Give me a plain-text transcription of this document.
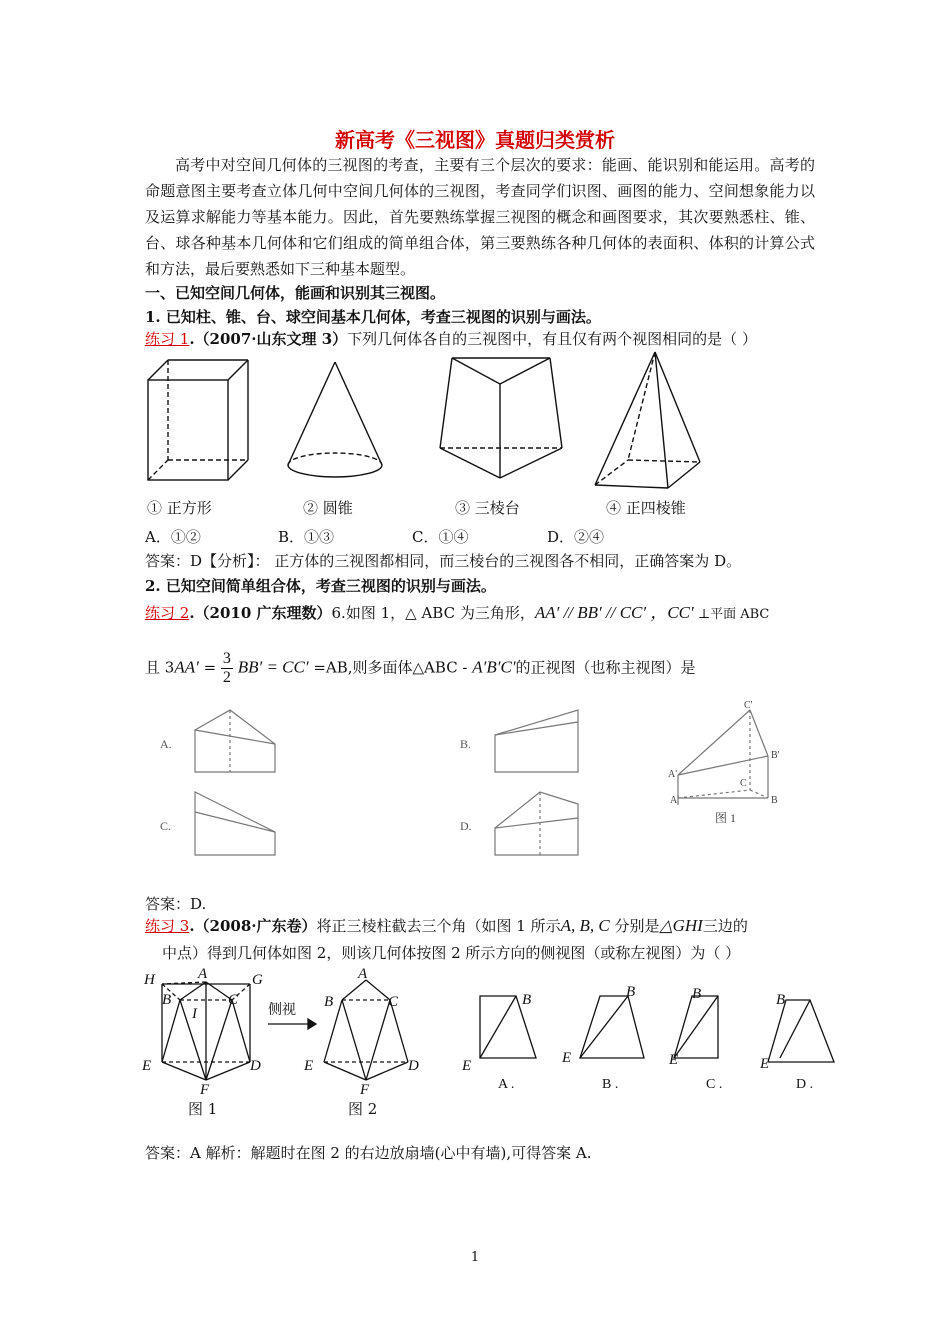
新高考《三视图》真题归类赏析
高考中对空间几何体的三视图的考查，主要有三个层次的要求：能画、能识别和能运用。高考的命题意图主要考查立体几何中空间几何体的三视图，考查同学们识图、画图的能力、空间想象能力以及运算求解能力等基本能力。因此，首先要熟练掌握三视图的概念和画图要求，其次要熟悉柱、锥、台、球各种基本几何体和它们组成的简单组合体，第三要熟练各种几何体的表面积、体积的计算公式和方法，最后要熟悉如下三种基本题型。
一、已知空间几何体，能画和识别其三视图。
1. 已知柱、锥、台、球空间基本几何体，考查三视图的识别与画法。
练习 1.（2007·山东文理 3）下列几何体各自的三视图中，有且仅有两个视图相同的是（ ）
① 正方形	② 圆锥	③ 三棱台	④ 正四棱锥
A．①②	B．①③	C．①④	D．②④
答案：D【分析】： 正方体的三视图都相同，而三棱台的三视图各不相同，正确答案为 D。
2. 已知空间简单组合体，考查三视图的识别与画法。
练习 2.（2010 广东理数）6.如图 1，△ ABC 为三角形，AA′ // BB′ // CC′ ，CC′ ⊥平面 ABC
且 $3AA' = \frac{3}{2} BB' = CC' =AB$,则多面体△ABC - A′B′C′的正视图（也称主视图）是
A.	B.
C.	D.
C'
B'
A'
C
A	B
图 1
答案：D.
练习 3.（2008·广东卷）将正三棱柱截去三个角（如图 1 所示A, B, C 分别是△GHI三边的
中点）得到几何体如图 2，则该几何体按图 2 所示方向的侧视图（或称左视图）为（ ）
H	A	G
B	C
I
E	D
F
侧视
A
B	C
E	D
F
图 1	图 2
E
B
E
B
E
B
E
B
A .	B .	C .	D .
答案：A 解析：解题时在图 2 的右边放扇墙(心中有墙),可得答案 A.
1
